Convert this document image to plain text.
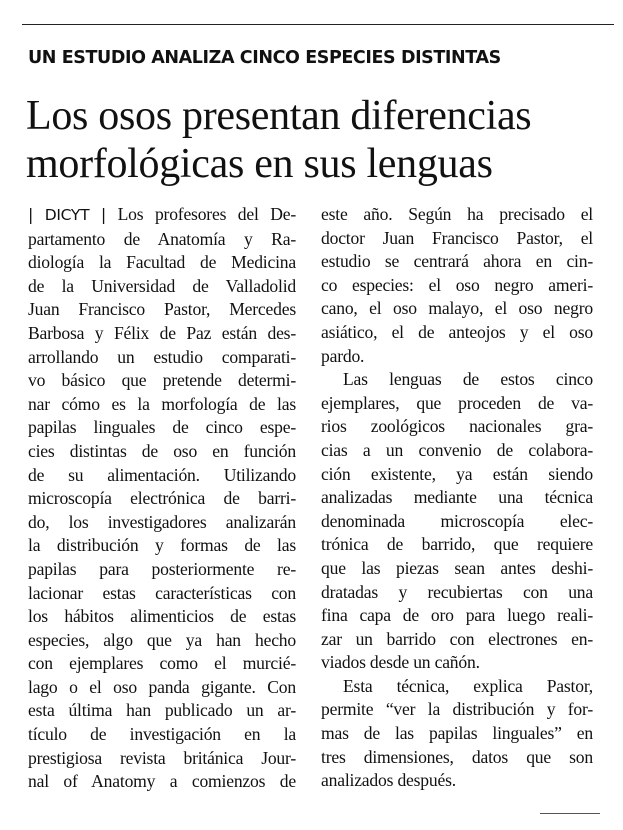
UN ESTUDIO ANALIZA CINCO ESPECIES DISTINTAS
Los osos presentan diferencias
morfológicas en sus lenguas
| DICYT | Los profesores del De-
partamento de Anatomía y Ra-
diología la Facultad de Medicina
de la Universidad de Valladolid
Juan Francisco Pastor, Mercedes
Barbosa y Félix de Paz están des-
arrollando un estudio comparati-
vo básico que pretende determi-
nar cómo es la morfología de las
papilas linguales de cinco espe-
cies distintas de oso en función
de su alimentación. Utilizando
microscopía electrónica de barri-
do, los investigadores analizarán
la distribución y formas de las
papilas para posteriormente re-
lacionar estas características con
los hábitos alimenticios de estas
especies, algo que ya han hecho
con ejemplares como el murcié-
lago o el oso panda gigante. Con
esta última han publicado un ar-
tículo de investigación en la
prestigiosa revista británica Jour-
nal of Anatomy a comienzos de
este año. Según ha precisado el
doctor Juan Francisco Pastor, el
estudio se centrará ahora en cin-
co especies: el oso negro ameri-
cano, el oso malayo, el oso negro
asiático, el de anteojos y el oso
pardo.
Las lenguas de estos cinco
ejemplares, que proceden de va-
rios zoológicos nacionales gra-
cias a un convenio de colabora-
ción existente, ya están siendo
analizadas mediante una técnica
denominada microscopía elec-
trónica de barrido, que requiere
que las piezas sean antes deshi-
dratadas y recubiertas con una
fina capa de oro para luego reali-
zar un barrido con electrones en-
viados desde un cañón.
Esta técnica, explica Pastor,
permite “ver la distribución y for-
mas de las papilas linguales” en
tres dimensiones, datos que son
analizados después.
